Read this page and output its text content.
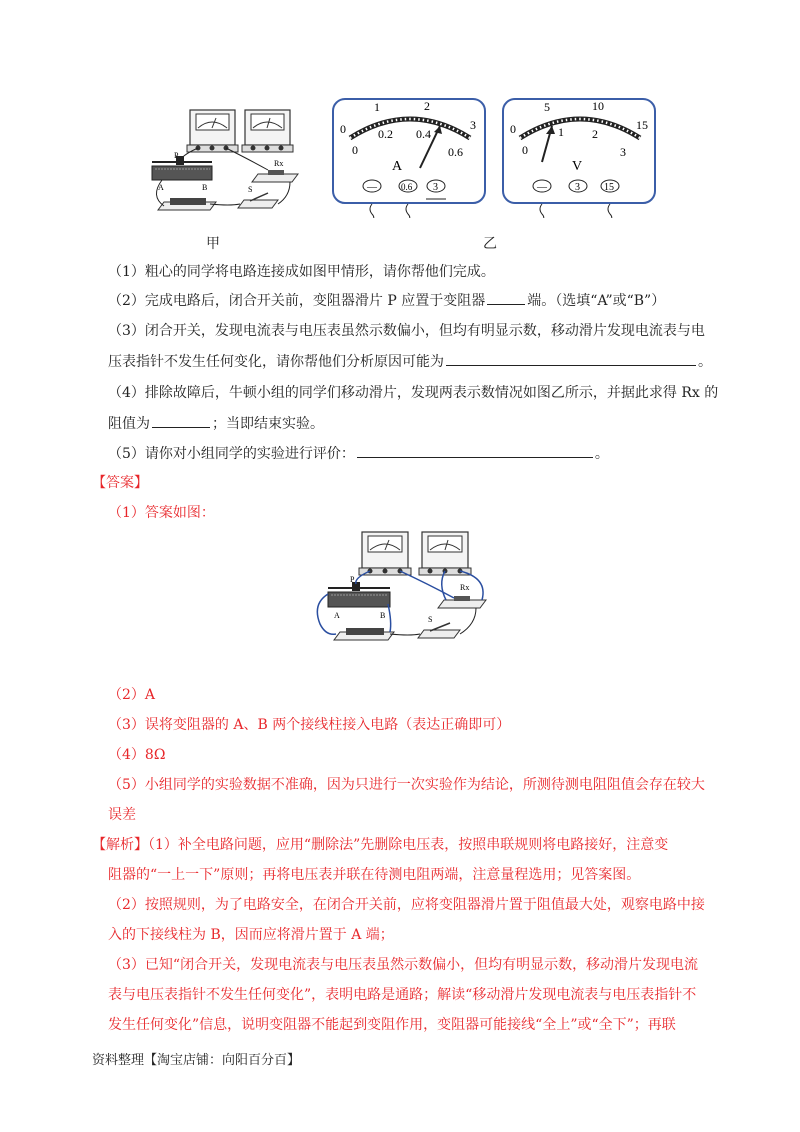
P
A	B
Rx
S
0
1	2
3
0
0.2 0.4
0.6
A
—	0.6 3
0
5	10
15
0
1 2
3
V
—	3 15
甲	乙
（1）粗心的同学将电路连接成如图甲情形，请你帮他们完成。
（2）完成电路后，闭合开关前，变阻器滑片 P 应置于变阻器	端。（选填“A”或“B”）
（3）闭合开关，发现电流表与电压表虽然示数偏小，但均有明显示数，移动滑片发现电流表与电
压表指针不发生任何变化，请你帮他们分析原因可能为	。
（4）排除故障后，牛顿小组的同学们移动滑片，发现两表示数情况如图乙所示，并据此求得 Rx 的
阻值为	；当即结束实验。
（5）请你对小组同学的实验进行评价：	。
【答案】
（1）答案如图：
P
A	B
Rx
S
（2）A
（3）误将变阻器的 A、B 两个接线柱接入电路（表达正确即可）
（4）8Ω
（5）小组同学的实验数据不准确，因为只进行一次实验作为结论，所测待测电阻阻值会存在较大
误差
【解析】（1）补全电路问题，应用“删除法”先删除电压表，按照串联规则将电路接好，注意变
阻器的“一上一下”原则；再将电压表并联在待测电阻两端，注意量程选用；见答案图。
（2）按照规则，为了电路安全，在闭合开关前，应将变阻器滑片置于阻值最大处，观察电路中接
入的下接线柱为 B，因而应将滑片置于 A 端；
（3）已知“闭合开关，发现电流表与电压表虽然示数偏小，但均有明显示数，移动滑片发现电流
表与电压表指针不发生任何变化”，表明电路是通路；解读“移动滑片发现电流表与电压表指针不
发生任何变化”信息，说明变阻器不能起到变阻作用，变阻器可能接线“全上”或“全下”；再联
资料整理【淘宝店铺：向阳百分百】
